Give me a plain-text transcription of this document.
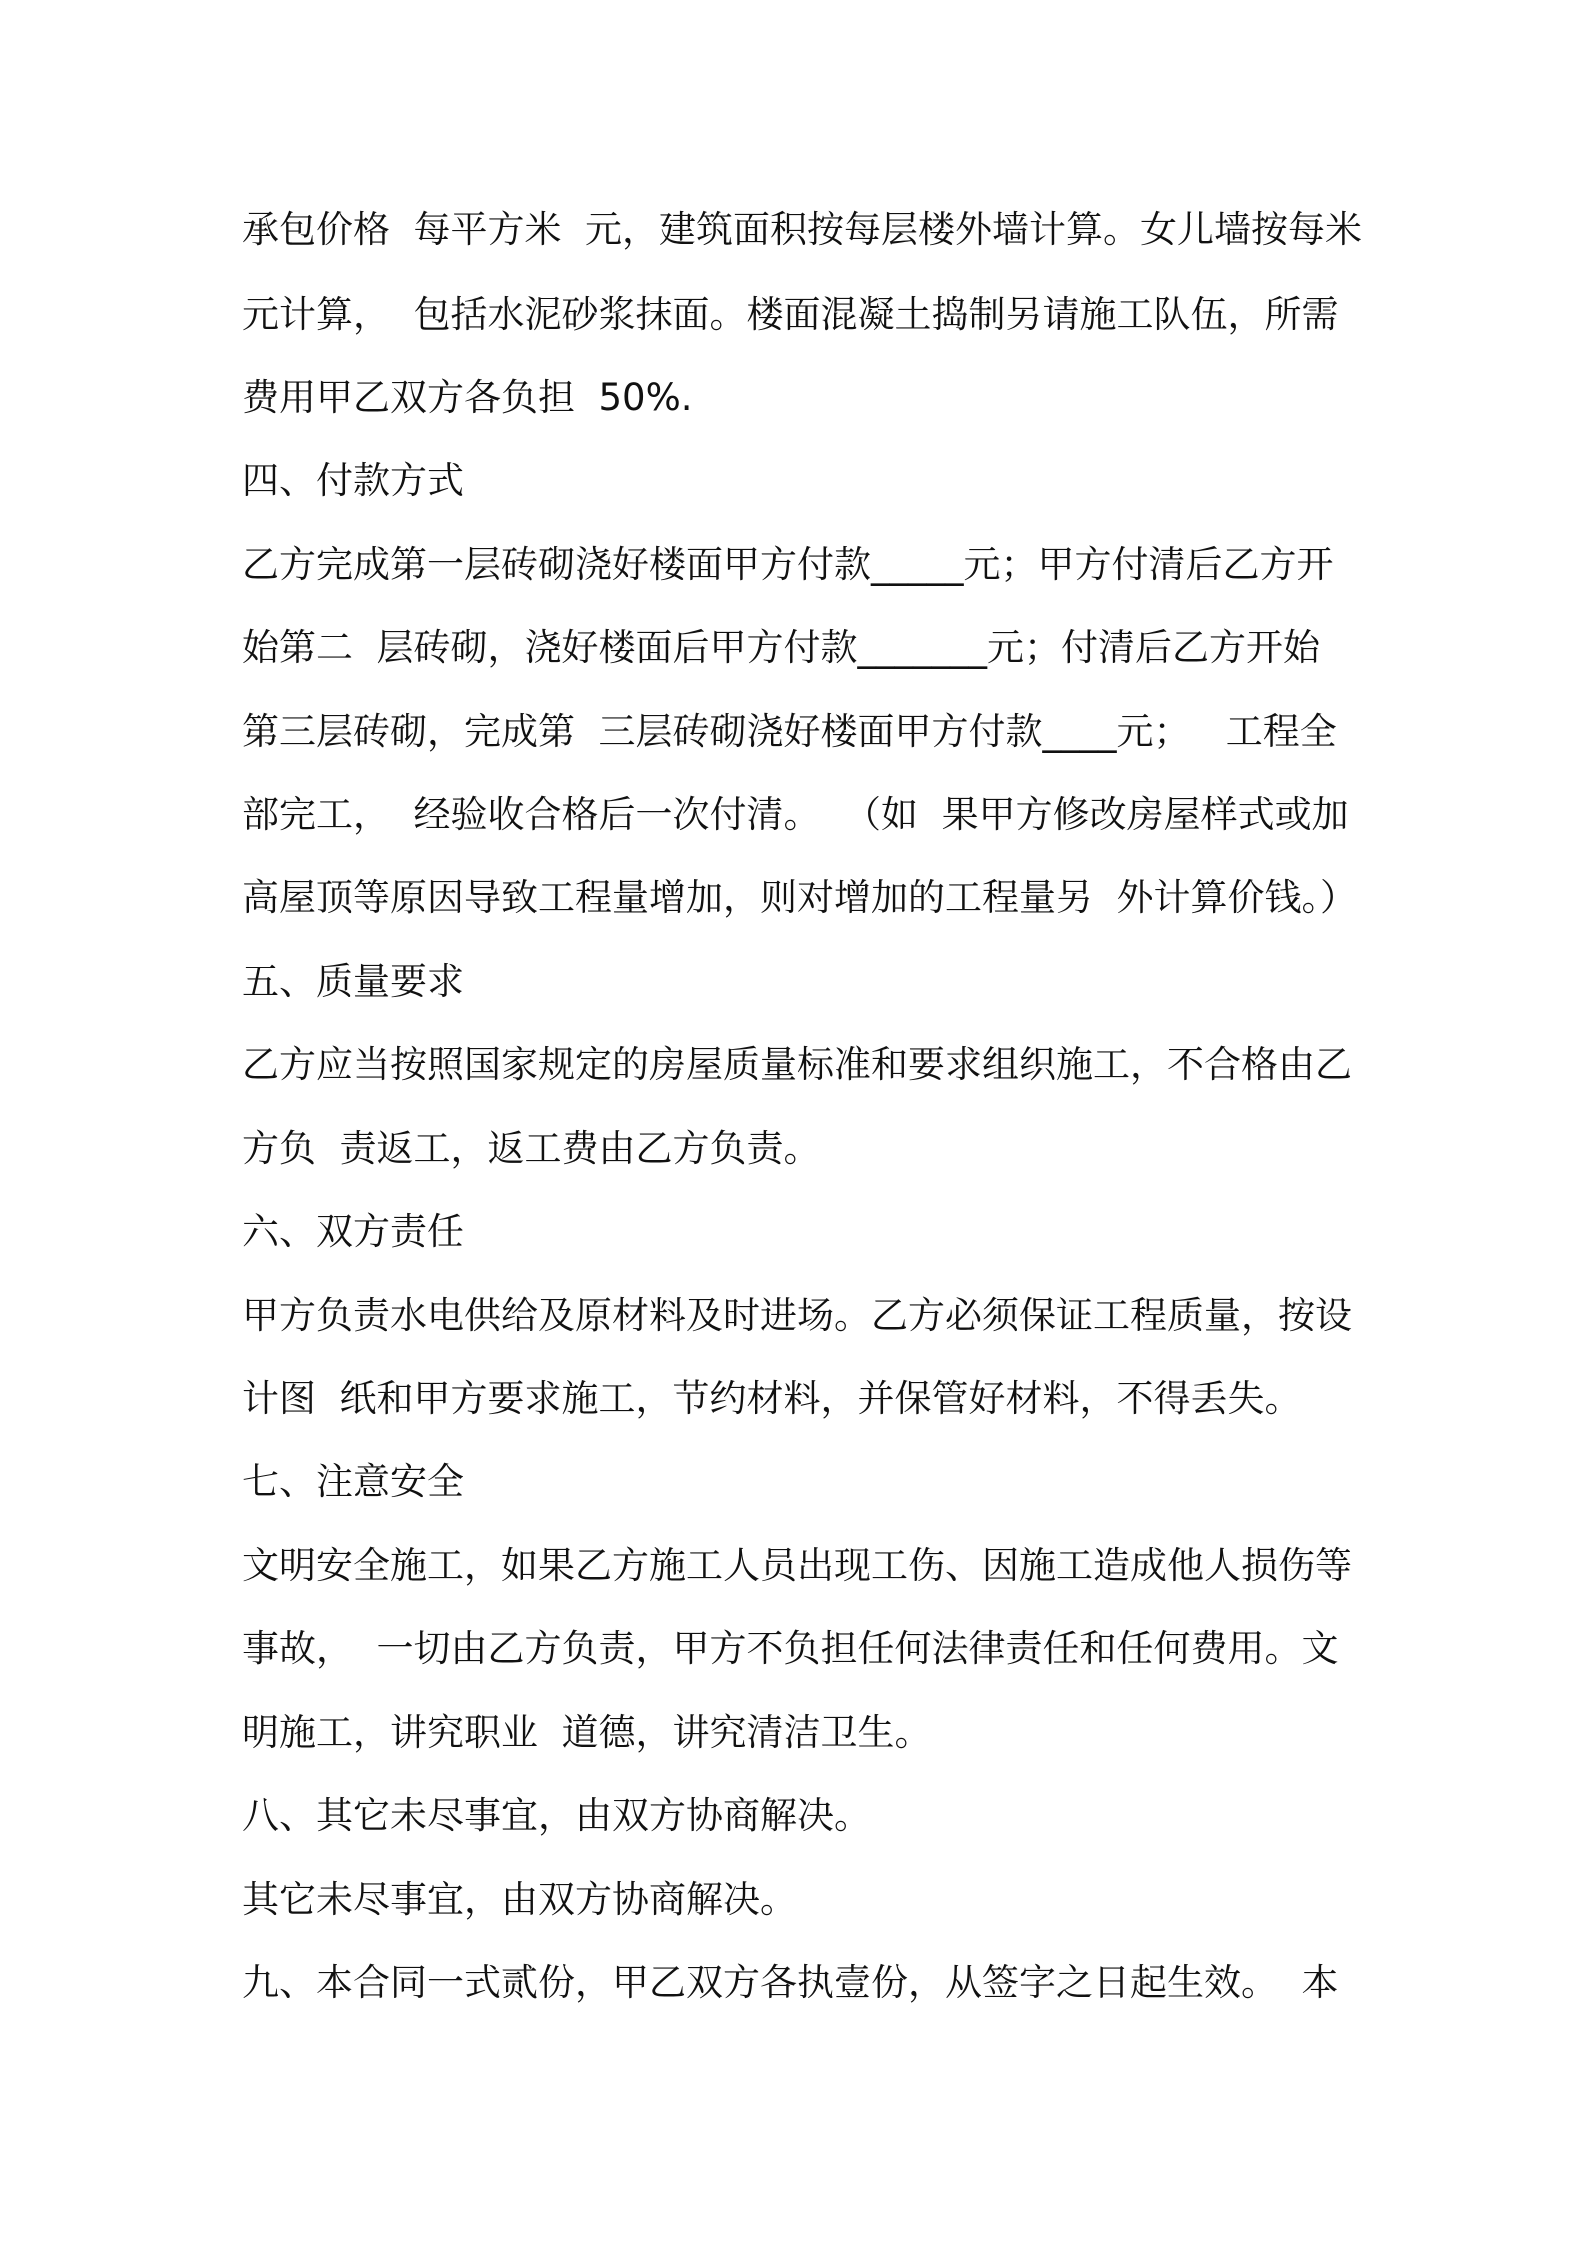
承包价格  每平方米  元，建筑面积按每层楼外墙计算。女儿墙按每米
元计算，  包括水泥砂浆抹面。楼面混凝土捣制另请施工队伍，所需
费用甲乙双方各负担  50%.
四、付款方式
乙方完成第一层砖砌浇好楼面甲方付款_____元；甲方付清后乙方开
始第二  层砖砌，浇好楼面后甲方付款_______元；付清后乙方开始
第三层砖砌，完成第  三层砖砌浇好楼面甲方付款____元；   工程全
部完工，  经验收合格后一次付清。  （如  果甲方修改房屋样式或加
高屋顶等原因导致工程量增加，则对增加的工程量另  外计算价钱。）
五、质量要求
乙方应当按照国家规定的房屋质量标准和要求组织施工，不合格由乙
方负  责返工，返工费由乙方负责。
六、双方责任
甲方负责水电供给及原材料及时进场。乙方必须保证工程质量，按设
计图  纸和甲方要求施工，节约材料，并保管好材料，不得丢失。
七、注意安全
文明安全施工，如果乙方施工人员出现工伤、因施工造成他人损伤等
事故，  一切由乙方负责，甲方不负担任何法律责任和任何费用。文
明施工，讲究职业  道德，讲究清洁卫生。
八、其它未尽事宜，由双方协商解决。
其它未尽事宜，由双方协商解决。
九、本合同一式贰份，甲乙双方各执壹份，从签字之日起生效。  本
